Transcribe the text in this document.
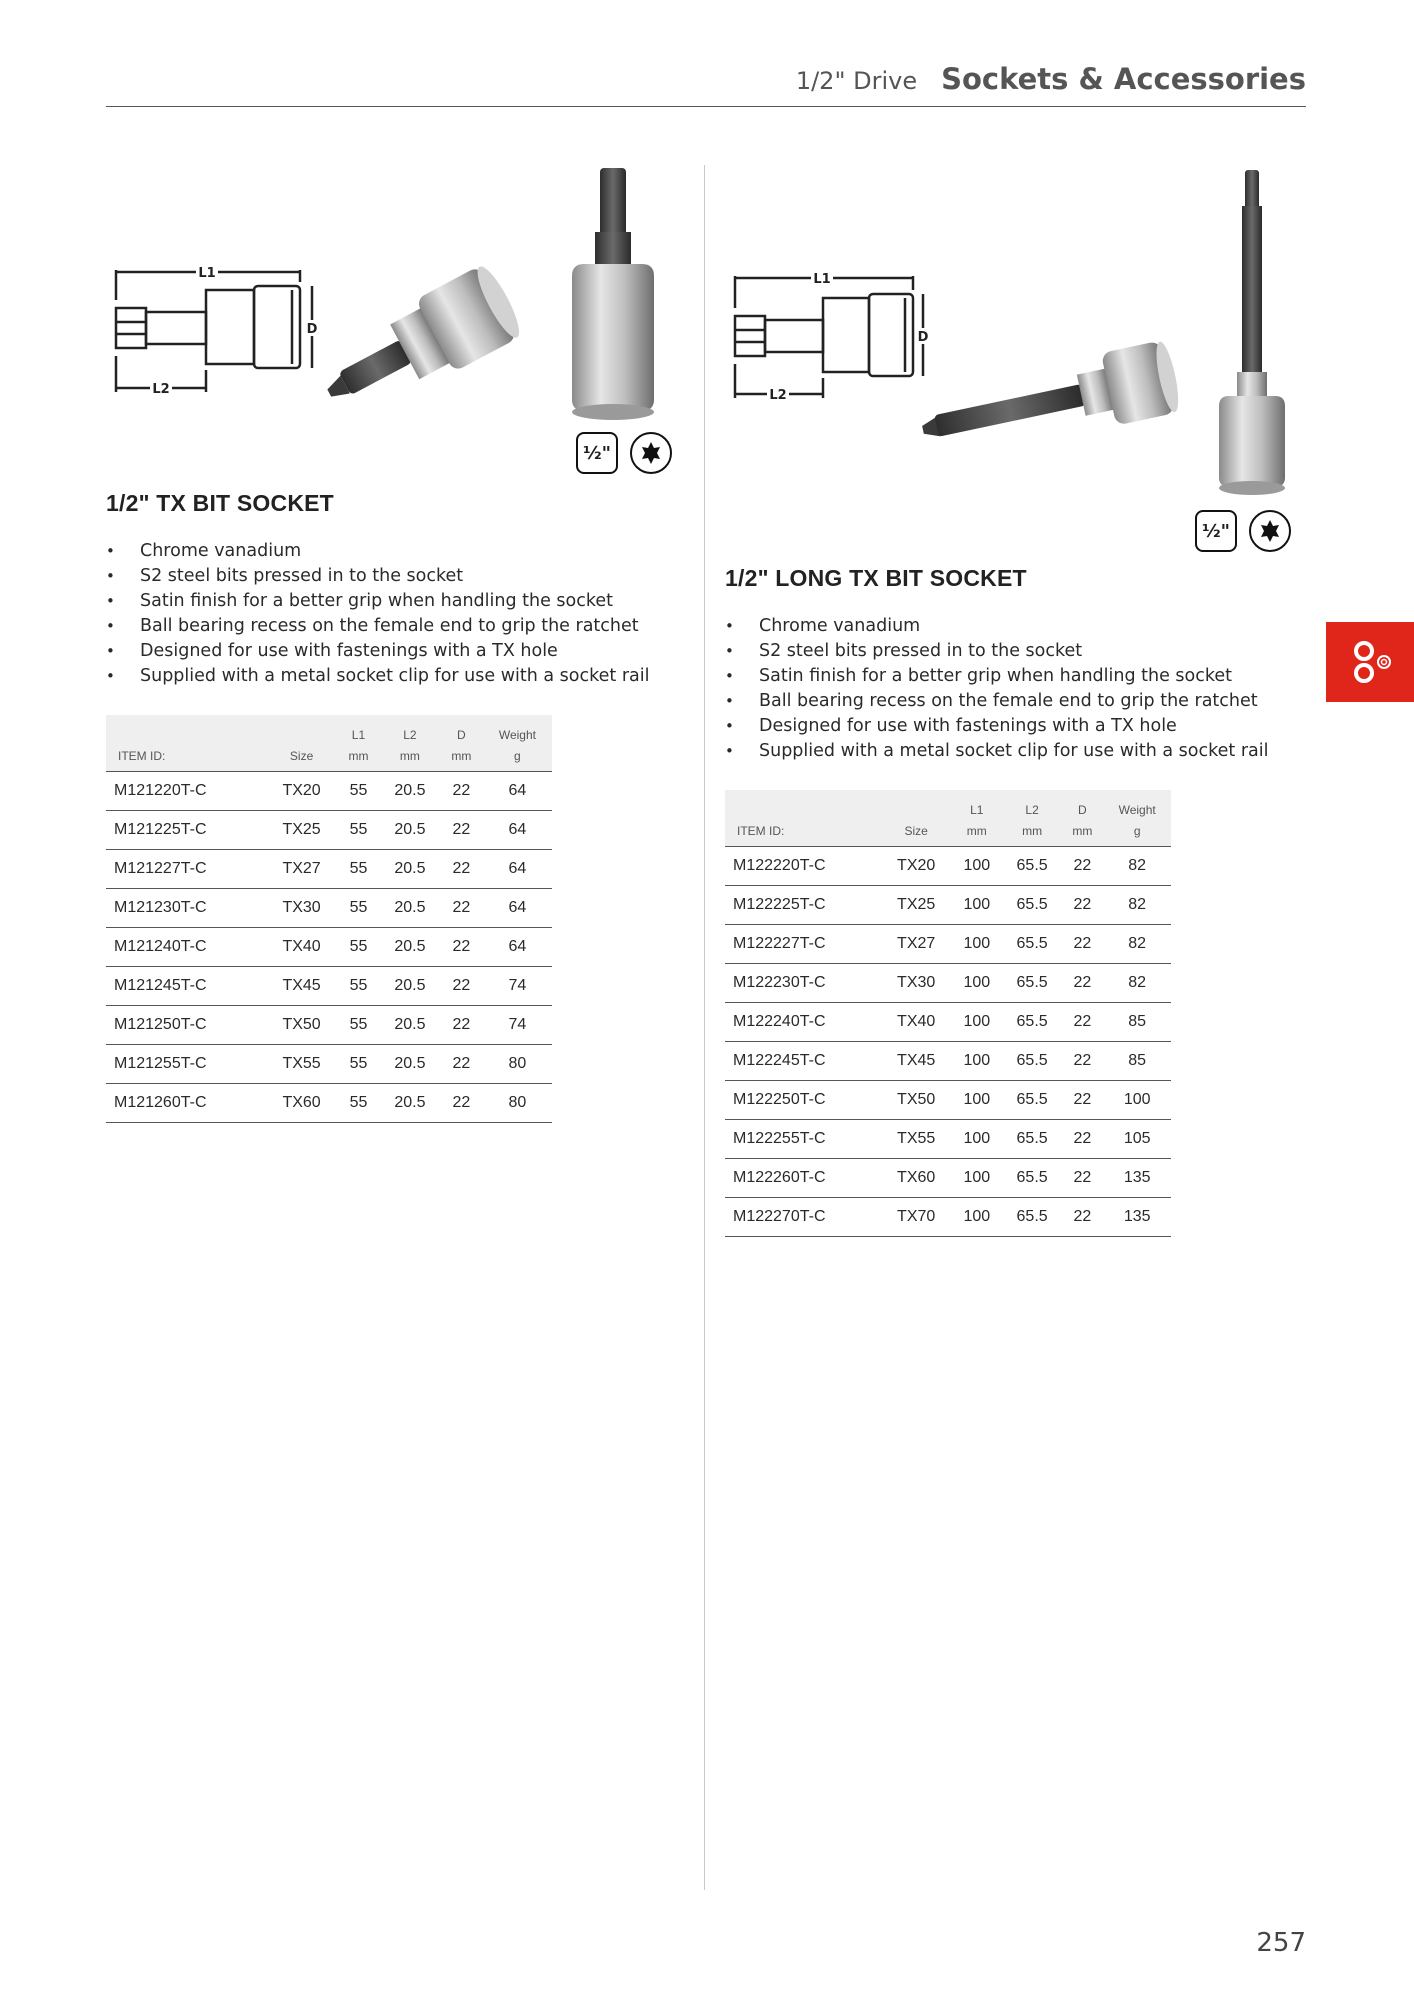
1/2" Drive Sockets & Accessories
L1
L2
D
½"
1/2" TX BIT SOCKET
• Chrome vanadium
• S2 steel bits pressed in to the socket
• Satin finish for a better grip when handling the socket
• Ball bearing recess on the female end to grip the ratchet
• Designed for use with fastenings with a TX hole
• Supplied with a metal socket clip for use with a socket rail
		L1	L2	D	Weight
ITEM ID:	Size	mm	mm	mm	g
M121220T-C	TX20	55	20.5	22	64
M121225T-C	TX25	55	20.5	22	64
M121227T-C	TX27	55	20.5	22	64
M121230T-C	TX30	55	20.5	22	64
M121240T-C	TX40	55	20.5	22	64
M121245T-C	TX45	55	20.5	22	74
M121250T-C	TX50	55	20.5	22	74
M121255T-C	TX55	55	20.5	22	80
M121260T-C	TX60	55	20.5	22	80
L1
L2
D
½"
1/2" LONG TX BIT SOCKET
• Chrome vanadium
• S2 steel bits pressed in to the socket
• Satin finish for a better grip when handling the socket
• Ball bearing recess on the female end to grip the ratchet
• Designed for use with fastenings with a TX hole
• Supplied with a metal socket clip for use with a socket rail
		L1	L2	D	Weight
ITEM ID:	Size	mm	mm	mm	g
M122220T-C	TX20	100	65.5	22	82
M122225T-C	TX25	100	65.5	22	82
M122227T-C	TX27	100	65.5	22	82
M122230T-C	TX30	100	65.5	22	82
M122240T-C	TX40	100	65.5	22	85
M122245T-C	TX45	100	65.5	22	85
M122250T-C	TX50	100	65.5	22	100
M122255T-C	TX55	100	65.5	22	105
M122260T-C	TX60	100	65.5	22	135
M122270T-C	TX70	100	65.5	22	135
257
